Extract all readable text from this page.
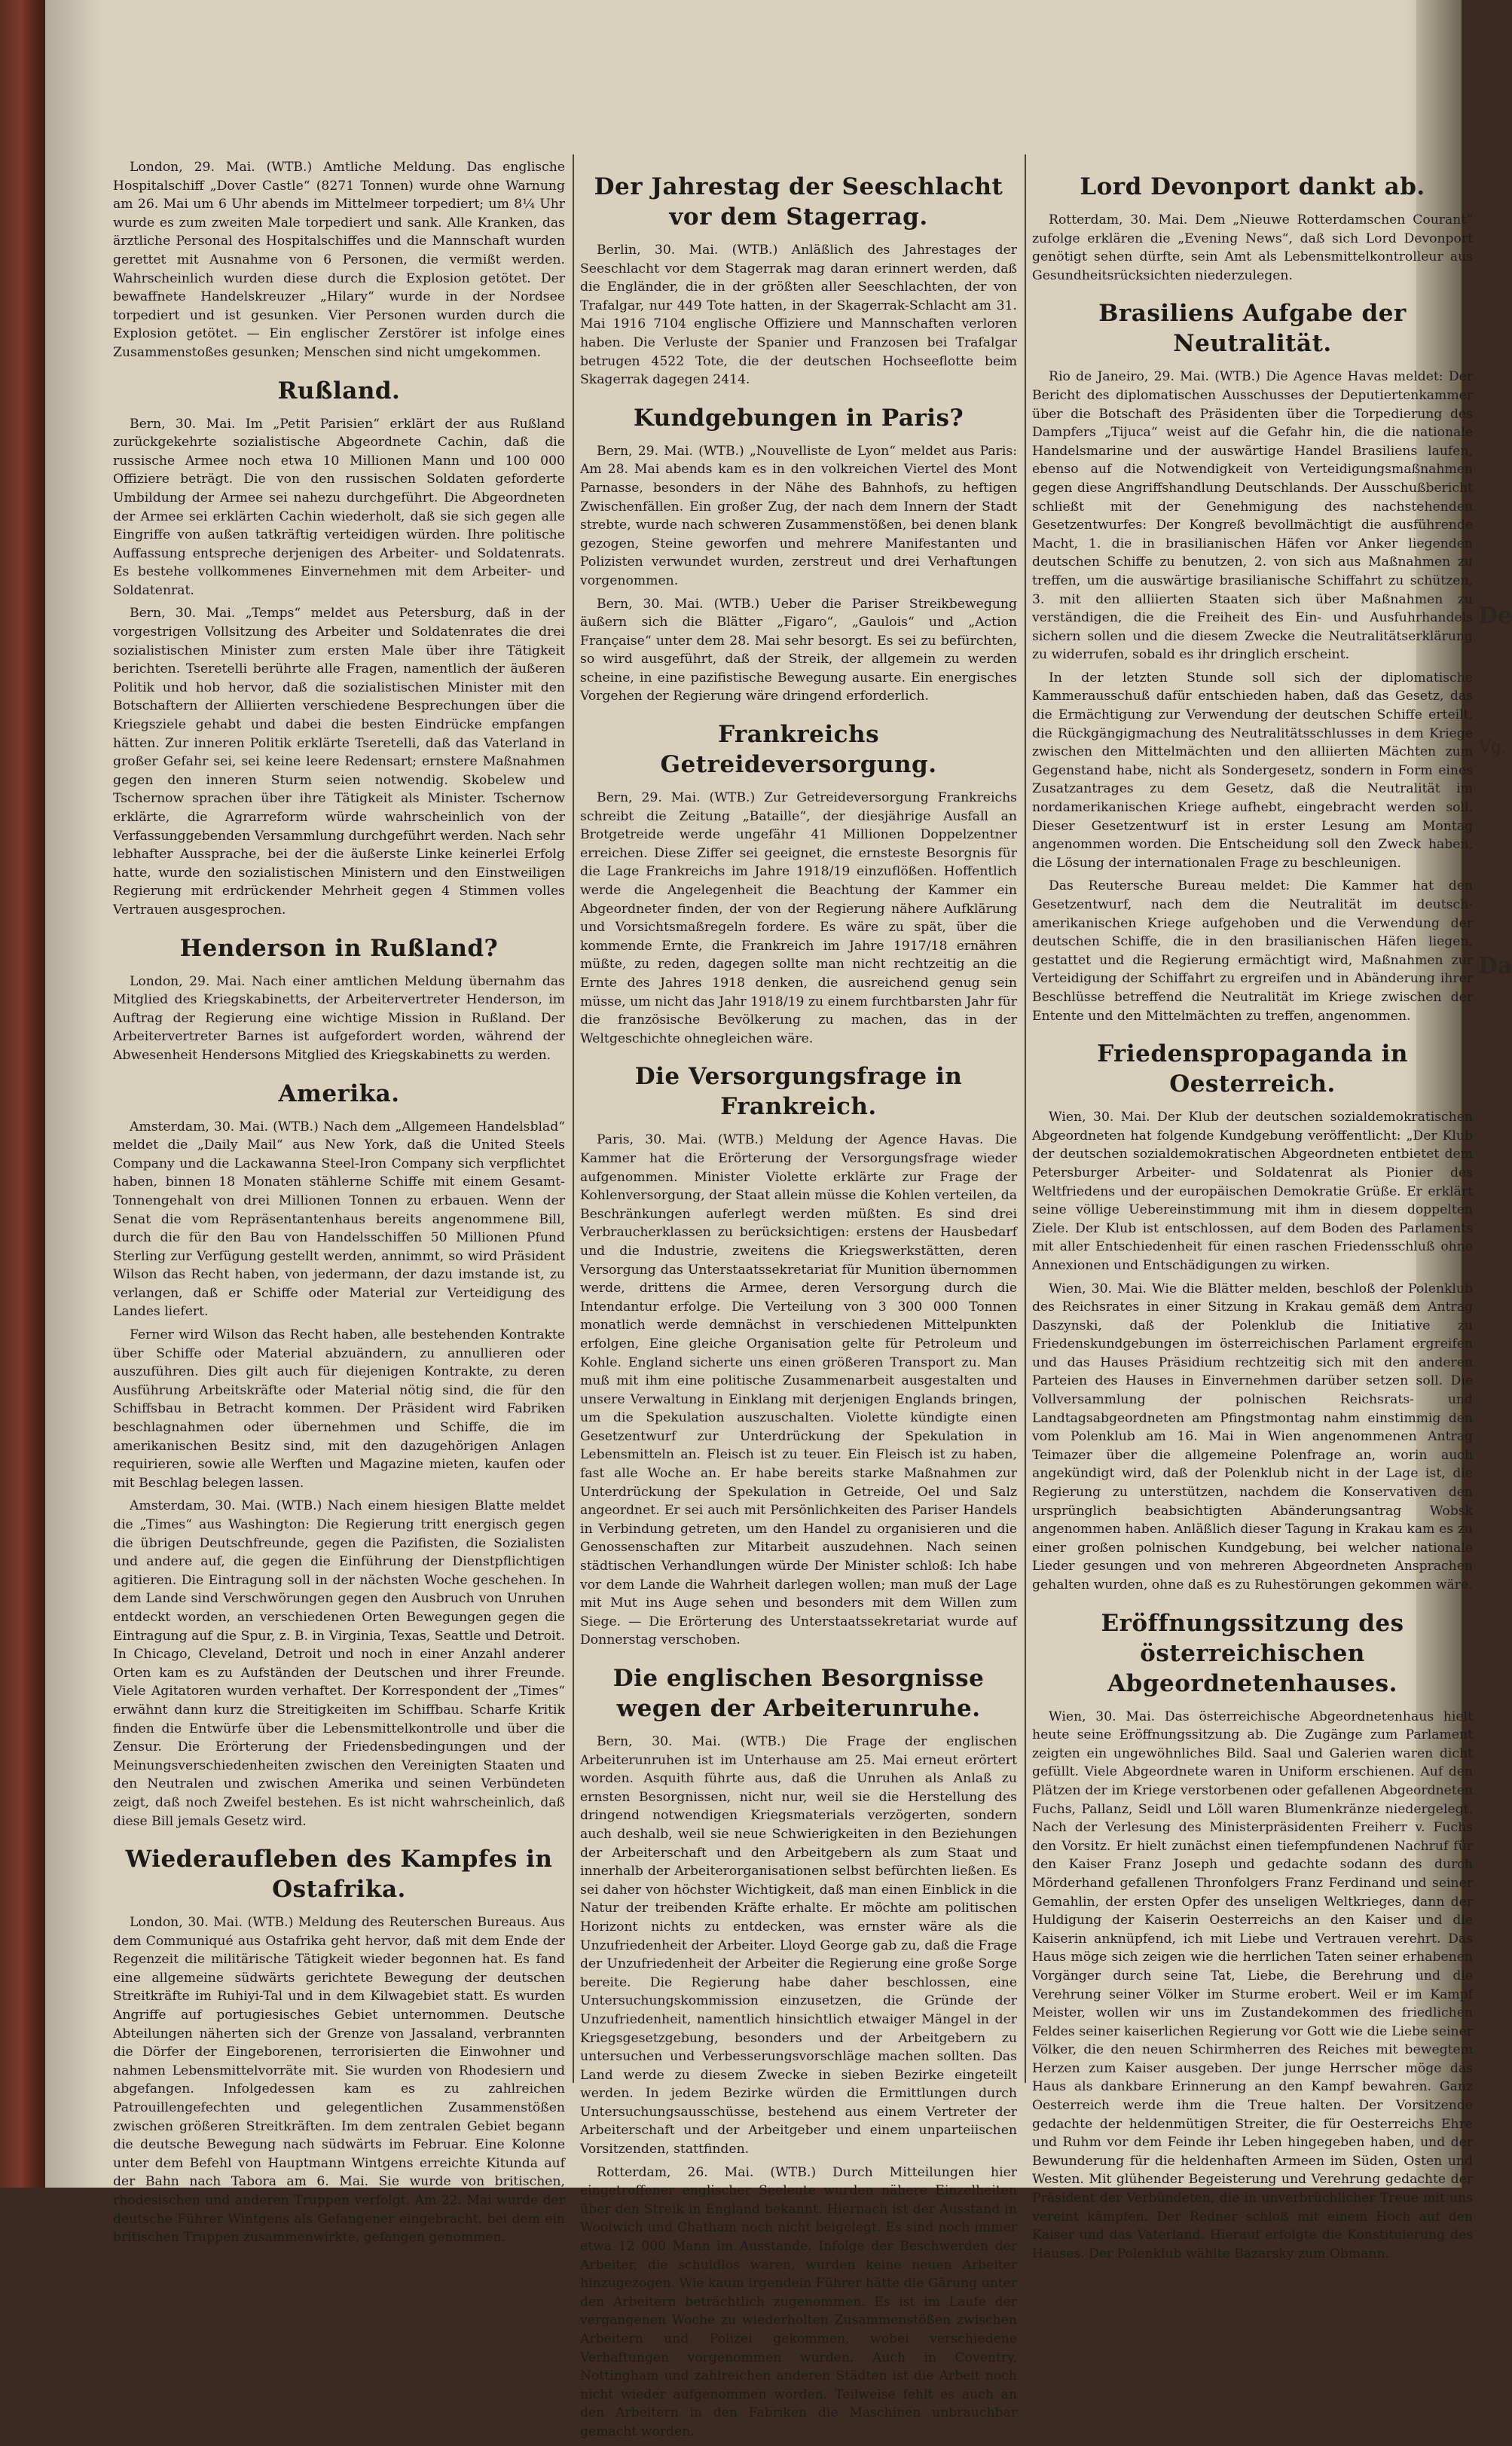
London, 29. Mai. (WTB.) Amtliche Meldung. Das englische Hospitalschiff „Dover Castle“ (8271 Tonnen) wurde ohne Warnung am 26. Mai um 6 Uhr abends im Mittelmeer torpediert; um 8¼ Uhr wurde es zum zweiten Male torpediert und sank. Alle Kranken, das ärztliche Personal des Hospitalschiffes und die Mannschaft wurden gerettet mit Ausnahme von 6 Personen, die vermißt werden. Wahrscheinlich wurden diese durch die Explosion getötet. Der bewaffnete Handelskreuzer „Hilary“ wurde in der Nordsee torpediert und ist gesunken. Vier Personen wurden durch die Explosion getötet. — Ein englischer Zerstörer ist infolge eines Zusammenstoßes gesunken; Menschen sind nicht umgekommen.

Rußland.

Bern, 30. Mai. Im „Petit Parisien“ erklärt der aus Rußland zurückgekehrte sozialistische Abgeordnete Cachin, daß die russische Armee noch etwa 10 Millionen Mann und 100 000 Offiziere beträgt. Die von den russischen Soldaten geforderte Umbildung der Armee sei nahezu durchgeführt. Die Abgeordneten der Armee sei erklärten Cachin wiederholt, daß sie sich gegen alle Eingriffe von außen tatkräftig verteidigen würden. Ihre politische Auffassung entspreche derjenigen des Arbeiter- und Soldatenrats. Es bestehe vollkommenes Einvernehmen mit dem Arbeiter- und Soldatenrat.

Bern, 30. Mai. „Temps“ meldet aus Petersburg, daß in der vorgestrigen Vollsitzung des Arbeiter und Soldatenrates die drei sozialistischen Minister zum ersten Male über ihre Tätigkeit berichten. Tseretelli berührte alle Fragen, namentlich der äußeren Politik und hob hervor, daß die sozialistischen Minister mit den Botschaftern der Alliierten verschiedene Besprechungen über die Kriegsziele gehabt und dabei die besten Eindrücke empfangen hätten. Zur inneren Politik erklärte Tseretelli, daß das Vaterland in großer Gefahr sei, sei keine leere Redensart; ernstere Maßnahmen gegen den inneren Sturm seien notwendig. Skobelew und Tschernow sprachen über ihre Tätigkeit als Minister. Tschernow erklärte, die Agrarreform würde wahrscheinlich von der Verfassunggebenden Versammlung durchgeführt werden. Nach sehr lebhafter Aussprache, bei der die äußerste Linke keinerlei Erfolg hatte, wurde den sozialistischen Ministern und den Einstweiligen Regierung mit erdrückender Mehrheit gegen 4 Stimmen volles Vertrauen ausgesprochen.

Henderson in Rußland?

London, 29. Mai. Nach einer amtlichen Meldung übernahm das Mitglied des Kriegskabinetts, der Arbeitervertreter Henderson, im Auftrag der Regierung eine wichtige Mission in Rußland. Der Arbeitervertreter Barnes ist aufgefordert worden, während der Abwesenheit Hendersons Mitglied des Kriegskabinetts zu werden.

Amerika.

Amsterdam, 30. Mai. (WTB.) Nach dem „Allgemeen Handelsblad“ meldet die „Daily Mail“ aus New York, daß die United Steels Company und die Lackawanna Steel-Iron Company sich verpflichtet haben, binnen 18 Monaten stählerne Schiffe mit einem Gesamt-Tonnengehalt von drei Millionen Tonnen zu erbauen. Wenn der Senat die vom Repräsentantenhaus bereits angenommene Bill, durch die für den Bau von Handelsschiffen 50 Millionen Pfund Sterling zur Verfügung gestellt werden, annimmt, so wird Präsident Wilson das Recht haben, von jedermann, der dazu imstande ist, zu verlangen, daß er Schiffe oder Material zur Verteidigung des Landes liefert.

Ferner wird Wilson das Recht haben, alle bestehenden Kontrakte über Schiffe oder Material abzuändern, zu annullieren oder auszuführen. Dies gilt auch für diejenigen Kontrakte, zu deren Ausführung Arbeitskräfte oder Material nötig sind, die für den Schiffsbau in Betracht kommen. Der Präsident wird Fabriken beschlagnahmen oder übernehmen und Schiffe, die im amerikanischen Besitz sind, mit den dazugehörigen Anlagen requirieren, sowie alle Werften und Magazine mieten, kaufen oder mit Beschlag belegen lassen.

Amsterdam, 30. Mai. (WTB.) Nach einem hiesigen Blatte meldet die „Times“ aus Washington: Die Regierung tritt energisch gegen die übrigen Deutschfreunde, gegen die Pazifisten, die Sozialisten und andere auf, die gegen die Einführung der Dienstpflichtigen agitieren. Die Eintragung soll in der nächsten Woche geschehen. In dem Lande sind Verschwörungen gegen den Ausbruch von Unruhen entdeckt worden, an verschiedenen Orten Bewegungen gegen die Eintragung auf die Spur, z. B. in Virginia, Texas, Seattle und Detroit. In Chicago, Cleveland, Detroit und noch in einer Anzahl anderer Orten kam es zu Aufständen der Deutschen und ihrer Freunde. Viele Agitatoren wurden verhaftet. Der Korrespondent der „Times“ erwähnt dann kurz die Streitigkeiten im Schiffbau. Scharfe Kritik finden die Entwürfe über die Lebensmittelkontrolle und über die Zensur. Die Erörterung der Friedensbedingungen und der Meinungsverschiedenheiten zwischen den Vereinigten Staaten und den Neutralen und zwischen Amerika und seinen Verbündeten zeigt, daß noch Zweifel bestehen. Es ist nicht wahrscheinlich, daß diese Bill jemals Gesetz wird.

Wiederaufleben des Kampfes in Ostafrika.

London, 30. Mai. (WTB.) Meldung des Reuterschen Bureaus. Aus dem Communiqué aus Ostafrika geht hervor, daß mit dem Ende der Regenzeit die militärische Tätigkeit wieder begonnen hat. Es fand eine allgemeine südwärts gerichtete Bewegung der deutschen Streitkräfte im Ruhiyi-Tal und in dem Kilwagebiet statt. Es wurden Angriffe auf portugiesisches Gebiet unternommen. Deutsche Abteilungen näherten sich der Grenze von Jassaland, verbrannten die Dörfer der Eingeborenen, terrorisierten die Einwohner und nahmen Lebensmittelvorräte mit. Sie wurden von Rhodesiern und abgefangen. Infolgedessen kam es zu zahlreichen Patrouillengefechten und gelegentlichen Zusammenstößen zwischen größeren Streitkräften. Im dem zentralen Gebiet begann die deutsche Bewegung nach südwärts im Februar. Eine Kolonne unter dem Befehl von Hauptmann Wintgens erreichte Kitunda auf der Bahn nach Tabora am 6. Mai. Sie wurde von britischen, rhodesischen und anderen Truppen verfolgt. Am 22. Mai wurde der deutsche Führer Wintgens als Gefangener eingebracht, bei dem ein britischen Truppen zusammenwirkte, gefangen genommen.

Der Jahrestag der Seeschlacht vor dem Stagerrag.

Berlin, 30. Mai. (WTB.) Anläßlich des Jahrestages der Seeschlacht vor dem Stagerrak mag daran erinnert werden, daß die Engländer, die in der größten aller Seeschlachten, der von Trafalgar, nur 449 Tote hatten, in der Skagerrak-Schlacht am 31. Mai 1916 7104 englische Offiziere und Mannschaften verloren haben. Die Verluste der Spanier und Franzosen bei Trafalgar betrugen 4522 Tote, die der deutschen Hochseeflotte beim Skagerrak dagegen 2414.

Kundgebungen in Paris?

Bern, 29. Mai. (WTB.) „Nouvelliste de Lyon“ meldet aus Paris: Am 28. Mai abends kam es in den volkreichen Viertel des Mont Parnasse, besonders in der Nähe des Bahnhofs, zu heftigen Zwischenfällen. Ein großer Zug, der nach dem Innern der Stadt strebte, wurde nach schweren Zusammenstößen, bei denen blank gezogen, Steine geworfen und mehrere Manifestanten und Polizisten verwundet wurden, zerstreut und drei Verhaftungen vorgenommen.

Bern, 30. Mai. (WTB.) Ueber die Pariser Streikbewegung äußern sich die Blätter „Figaro“, „Gaulois“ und „Action Française“ unter dem 28. Mai sehr besorgt. Es sei zu befürchten, so wird ausgeführt, daß der Streik, der allgemein zu werden scheine, in eine pazifistische Bewegung ausarte. Ein energisches Vorgehen der Regierung wäre dringend erforderlich.

Frankreichs Getreideversorgung.

Bern, 29. Mai. (WTB.) Zur Getreideversorgung Frankreichs schreibt die Zeitung „Bataille“, der diesjährige Ausfall an Brotgetreide werde ungefähr 41 Millionen Doppelzentner erreichen. Diese Ziffer sei geeignet, die ernsteste Besorgnis für die Lage Frankreichs im Jahre 1918/19 einzuflößen. Hoffentlich werde die Angelegenheit die Beachtung der Kammer ein Abgeordneter finden, der von der Regierung nähere Aufklärung und Vorsichtsmaßregeln fordere. Es wäre zu spät, über die kommende Ernte, die Frankreich im Jahre 1917/18 ernähren müßte, zu reden, dagegen sollte man nicht rechtzeitig an die Ernte des Jahres 1918 denken, die ausreichend genug sein müsse, um nicht das Jahr 1918/19 zu einem furchtbarsten Jahr für die französische Bevölkerung zu machen, das in der Weltgeschichte ohnegleichen wäre.

Die Versorgungsfrage in Frankreich.

Paris, 30. Mai. (WTB.) Meldung der Agence Havas. Die Kammer hat die Erörterung der Versorgungsfrage wieder aufgenommen. Minister Violette erklärte zur Frage der Kohlenversorgung, der Staat allein müsse die Kohlen verteilen, da Beschränkungen auferlegt werden müßten. Es sind drei Verbraucherklassen zu berücksichtigen: erstens der Hausbedarf und die Industrie, zweitens die Kriegswerkstätten, deren Versorgung das Unterstaatssekretariat für Munition übernommen werde, drittens die Armee, deren Versorgung durch die Intendantur erfolge. Die Verteilung von 3 300 000 Tonnen monatlich werde demnächst in verschiedenen Mittelpunkten erfolgen, Eine gleiche Organisation gelte für Petroleum und Kohle. England sicherte uns einen größeren Transport zu. Man muß mit ihm eine politische Zusammenarbeit ausgestalten und unsere Verwaltung in Einklang mit derjenigen Englands bringen, um die Spekulation auszuschalten. Violette kündigte einen Gesetzentwurf zur Unterdrückung der Spekulation in Lebensmitteln an. Fleisch ist zu teuer. Ein Fleisch ist zu haben, fast alle Woche an. Er habe bereits starke Maßnahmen zur Unterdrückung der Spekulation in Getreide, Oel und Salz angeordnet. Er sei auch mit Persönlichkeiten des Pariser Handels in Verbindung getreten, um den Handel zu organisieren und die Genossenschaften zur Mitarbeit auszudehnen. Nach seinen städtischen Verhandlungen würde Der Minister schloß: Ich habe vor dem Lande die Wahrheit darlegen wollen; man muß der Lage mit Mut ins Auge sehen und besonders mit dem Willen zum Siege. — Die Erörterung des Unterstaatssekretariat wurde auf Donnerstag verschoben.

Die englischen Besorgnisse wegen der Arbeiterunruhe.

Bern, 30. Mai. (WTB.) Die Frage der englischen Arbeiterunruhen ist im Unterhause am 25. Mai erneut erörtert worden. Asquith führte aus, daß die Unruhen als Anlaß zu ernsten Besorgnissen, nicht nur, weil sie die Herstellung des dringend notwendigen Kriegsmaterials verzögerten, sondern auch deshalb, weil sie neue Schwierigkeiten in den Beziehungen der Arbeiterschaft und den Arbeitgebern als zum Staat und innerhalb der Arbeiterorganisationen selbst befürchten ließen. Es sei daher von höchster Wichtigkeit, daß man einen Einblick in die Natur der treibenden Kräfte erhalte. Er möchte am politischen Horizont nichts zu entdecken, was ernster wäre als die Unzufriedenheit der Arbeiter. Lloyd George gab zu, daß die Frage der Unzufriedenheit der Arbeiter die Regierung eine große Sorge bereite. Die Regierung habe daher beschlossen, eine Untersuchungskommission einzusetzen, die Gründe der Unzufriedenheit, namentlich hinsichtlich etwaiger Mängel in der Kriegsgesetzgebung, besonders und der Arbeitgebern zu untersuchen und Verbesserungsvorschläge machen sollten. Das Land werde zu diesem Zwecke in sieben Bezirke eingeteilt werden. In jedem Bezirke würden die Ermittlungen durch Untersuchungsausschüsse, bestehend aus einem Vertreter der Arbeiterschaft und der Arbeitgeber und einem unparteiischen Vorsitzenden, stattfinden.

Rotterdam, 26. Mai. (WTB.) Durch Mitteilungen hier eingetroffener englischer Seeleute wurden nähere Einzelheiten über den Streik in England bekannt. Hiernach ist der Ausstand in Woolwich und Chatham noch nicht beigelegt. Es sind noch immer etwa 12 000 Mann im Ausstande. Infolge der Beschwerden der Arbeiter, die schuldlos waren, wurden keine neuen Arbeiter hinzugezogen. Wie kaum irgendein Führer hätte die Gärung unter den Arbeitern beträchtlich zugenommen. Es ist im Laufe der vergangenen Woche zu wiederholten Zusammenstößen zwischen Arbeitern und Polizei gekommen, wobei verschiedene Verhaftungen vorgenommen wurden. Auch in Coventry, Nottingham und zahlreichen anderen Städten ist die Arbeit noch nicht wieder aufgenommen worden. Teilweise fehlt es auch an den Arbeitern in den Fabriken die Maschinen unbrauchbar gemacht worden.

Lord Devonport dankt ab.

Rotterdam, 30. Mai. Dem „Nieuwe Rotterdamschen Courant“ zufolge erklären die „Evening News“, daß sich Lord Devonport genötigt sehen dürfte, sein Amt als Lebensmittelkontrolleur aus Gesundheitsrücksichten niederzulegen.

Brasiliens Aufgabe der Neutralität.

Rio de Janeiro, 29. Mai. (WTB.) Die Agence Havas meldet: Der Bericht des diplomatischen Ausschusses der Deputiertenkammer über die Botschaft des Präsidenten über die Torpedierung des Dampfers „Tijuca“ weist auf die Gefahr hin, die die nationale Handelsmarine und der auswärtige Handel Brasiliens laufen, ebenso auf die Notwendigkeit von Verteidigungsmaßnahmen gegen diese Angriffshandlung Deutschlands. Der Ausschußbericht schließt mit der Genehmigung des nachstehenden Gesetzentwurfes: Der Kongreß bevollmächtigt die ausführende Macht, 1. die in brasilianischen Häfen vor Anker liegenden deutschen Schiffe zu benutzen, 2. von sich aus Maßnahmen zu treffen, um die auswärtige brasilianische Schiffahrt zu schützen, 3. mit den alliierten Staaten sich über Maßnahmen zu verständigen, die die Freiheit des Ein- und Ausfuhrhandels sichern sollen und die diesem Zwecke die Neutralitätserklärung zu widerrufen, sobald es ihr dringlich erscheint.

In der letzten Stunde soll sich der diplomatische Kammerausschuß dafür entschieden haben, daß das Gesetz, das die Ermächtigung zur Verwendung der deutschen Schiffe erteilt, die Rückgängigmachung des Neutralitätsschlusses in dem Kriege zwischen den Mittelmächten und den alliierten Mächten zum Gegenstand habe, nicht als Sondergesetz, sondern in Form eines Zusatzantrages zu dem Gesetz, daß die Neutralität im nordamerikanischen Kriege aufhebt, eingebracht werden soll. Dieser Gesetzentwurf ist in erster Lesung am Montag angenommen worden. Die Entscheidung soll den Zweck haben, die Lösung der internationalen Frage zu beschleunigen.

Das Reutersche Bureau meldet: Die Kammer hat den Gesetzentwurf, nach dem die Neutralität im deutsch-amerikanischen Kriege aufgehoben und die Verwendung der deutschen Schiffe, die in den brasilianischen Häfen liegen, gestattet und die Regierung ermächtigt wird, Maßnahmen zur Verteidigung der Schiffahrt zu ergreifen und in Abänderung ihrer Beschlüsse betreffend die Neutralität im Kriege zwischen der Entente und den Mittelmächten zu treffen, angenommen.

Friedenspropaganda in Oesterreich.

Wien, 30. Mai. Der Klub der deutschen sozialdemokratischen Abgeordneten hat folgende Kundgebung veröffentlicht: „Der Klub der deutschen sozialdemokratischen Abgeordneten entbietet dem Petersburger Arbeiter- und Soldatenrat als Pionier des Weltfriedens und der europäischen Demokratie Grüße. Er erklärt seine völlige Uebereinstimmung mit ihm in diesem doppelten Ziele. Der Klub ist entschlossen, auf dem Boden des Parlaments mit aller Entschiedenheit für einen raschen Friedensschluß ohne Annexionen und Entschädigungen zu wirken.

Wien, 30. Mai. Wie die Blätter melden, beschloß der Polenklub des Reichsrates in einer Sitzung in Krakau gemäß dem Antrag Daszynski, daß der Polenklub die Initiative zu Friedenskundgebungen im österreichischen Parlament ergreifen und das Hauses Präsidium rechtzeitig sich mit den anderen Parteien des Hauses in Einvernehmen darüber setzen soll. Die Vollversammlung der polnischen Reichsrats- und Landtagsabgeordneten am Pfingstmontag nahm einstimmig den vom Polenklub am 16. Mai in Wien angenommenen Antrag Teimazer über die allgemeine Polenfrage an, worin auch angekündigt wird, daß der Polenklub nicht in der Lage ist, die Regierung zu unterstützen, nachdem die Konservativen den ursprünglich beabsichtigten Abänderungsantrag Wobsk angenommen haben. Anläßlich dieser Tagung in Krakau kam es zu einer großen polnischen Kundgebung, bei welcher nationale Lieder gesungen und von mehreren Abgeordneten Ansprachen gehalten wurden, ohne daß es zu Ruhestörungen gekommen wäre.

Eröffnungssitzung des österreichischen Abgeordnetenhauses.

Wien, 30. Mai. Das österreichische Abgeordnetenhaus hielt heute seine Eröffnungssitzung ab. Die Zugänge zum Parlament zeigten ein ungewöhnliches Bild. Saal und Galerien waren dicht gefüllt. Viele Abgeordnete waren in Uniform erschienen. Auf den Plätzen der im Kriege verstorbenen oder gefallenen Abgeordneten Fuchs, Pallanz, Seidl und Löll waren Blumenkränze niedergelegt. Nach der Verlesung des Ministerpräsidenten Freiherr v. Fuchs den Vorsitz. Er hielt zunächst einen tiefempfundenen Nachruf für den Kaiser Franz Joseph und gedachte sodann des durch Mörderhand gefallenen Thronfolgers Franz Ferdinand und seiner Gemahlin, der ersten Opfer des unseligen Weltkrieges, dann der Huldigung der Kaiserin Oesterreichs an den Kaiser und die Kaiserin anknüpfend, ich mit Liebe und Vertrauen verehrt. Das Haus möge sich zeigen wie die herrlichen Taten seiner erhabenen Vorgänger durch seine Tat, Liebe, die Berehrung und die Verehrung seiner Völker im Sturme erobert. Weil er im Kampf Meister, wollen wir uns im Zustandekommen des friedlichen Feldes seiner kaiserlichen Regierung vor Gott wie die Liebe seiner Völker, die den neuen Schirmherren des Reiches mit bewegtem Herzen zum Kaiser ausgeben. Der junge Herrscher möge das Haus als dankbare Erinnerung an den Kampf bewahren. Ganz Oesterreich werde ihm die Treue halten. Der Vorsitzende gedachte der heldenmütigen Streiter, die für Oesterreichs Ehre und Ruhm vor dem Feinde ihr Leben hingegeben haben, und der Bewunderung für die heldenhaften Armeen im Süden, Osten und Westen. Mit glühender Begeisterung und Verehrung gedachte der Präsident der Verbündeten, die in unverbrüchlicher Treue mit uns vereint kämpfen. Der Redner schloß mit einem Hoch auf den Kaiser und das Vaterland. Hierauf erfolgte die Konstituierung des Hauses. Der Polenklub wählte Bazarsky zum Obmann.

Vg.
Da
De
